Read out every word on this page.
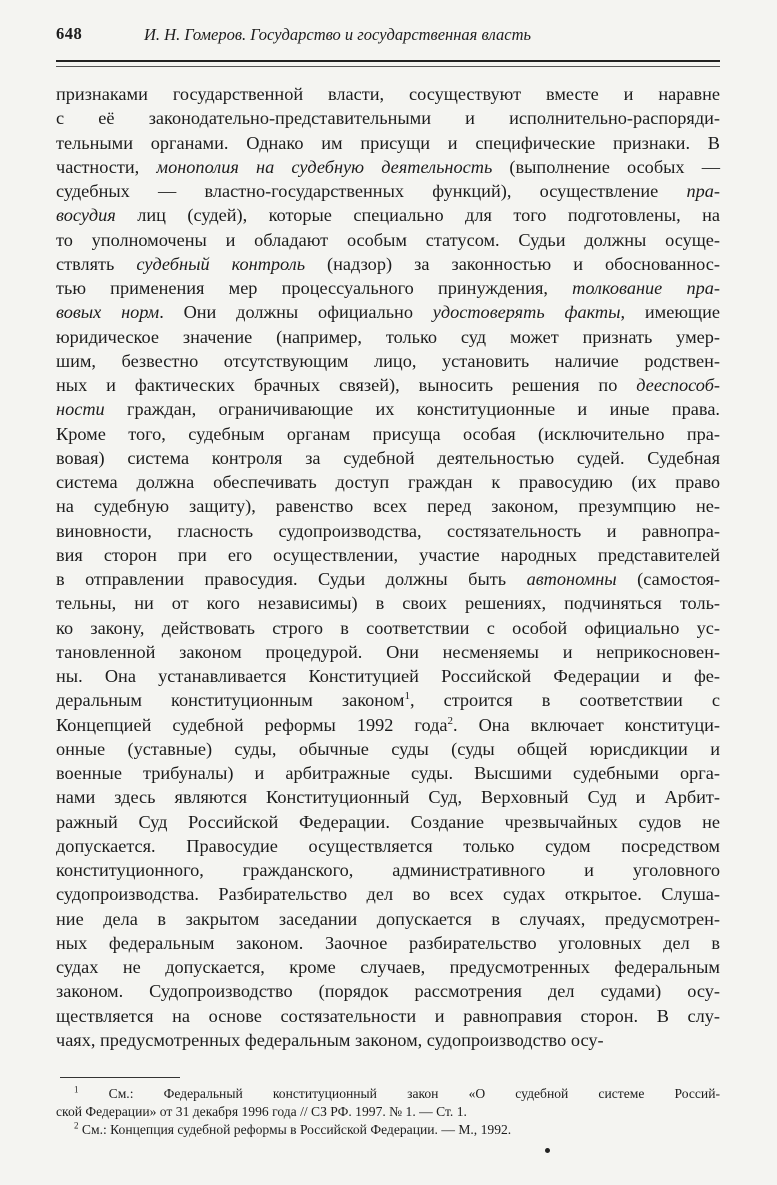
648	И. Н. Гомеров. Государство и государственная власть
признаками государственной власти, сосуществуют вместе и наравне
с её законодательно-представительными и исполнительно-распоряди-
тельными органами. Однако им присущи и специфические признаки. В
частности, монополия на судебную деятельность (выполнение особых —
судебных — властно-государственных функций), осуществление пра-
восудия лиц (судей), которые специально для того подготовлены, на
то уполномочены и обладают особым статусом. Судьи должны осуще-
ствлять судебный контроль (надзор) за законностью и обоснованнос-
тью применения мер процессуального принуждения, толкование пра-
вовых норм. Они должны официально удостоверять факты, имеющие
юридическое значение (например, только суд может признать умер-
шим, безвестно отсутствующим лицо, установить наличие родствен-
ных и фактических брачных связей), выносить решения по дееспособ-
ности граждан, ограничивающие их конституционные и иные права.
Кроме того, судебным органам присуща особая (исключительно пра-
вовая) система контроля за судебной деятельностью судей. Судебная
система должна обеспечивать доступ граждан к правосудию (их право
на судебную защиту), равенство всех перед законом, презумпцию не-
виновности, гласность судопроизводства, состязательность и равнопра-
вия сторон при его осуществлении, участие народных представителей
в отправлении правосудия. Судьи должны быть автономны (самостоя-
тельны, ни от кого независимы) в своих решениях, подчиняться толь-
ко закону, действовать строго в соответствии с особой официально ус-
тановленной законом процедурой. Они несменяемы и неприкосновен-
ны. Она устанавливается Конституцией Российской Федерации и фе-
деральным конституционным законом$^1$, строится в соответствии с
Концепцией судебной реформы 1992 года$^2$. Она включает конституци-
онные (уставные) суды, обычные суды (суды общей юрисдикции и
военные трибуналы) и арбитражные суды. Высшими судебными орга-
нами здесь являются Конституционный Суд, Верховный Суд и Арбит-
ражный Суд Российской Федерации. Создание чрезвычайных судов не
допускается. Правосудие осуществляется только судом посредством
конституционного, гражданского, административного и уголовного
судопроизводства. Разбирательство дел во всех судах открытое. Слуша-
ние дела в закрытом заседании допускается в случаях, предусмотрен-
ных федеральным законом. Заочное разбирательство уголовных дел в
судах не допускается, кроме случаев, предусмотренных федеральным
законом. Судопроизводство (порядок рассмотрения дел судами) осу-
ществляется на основе состязательности и равноправия сторон. В слу-
чаях, предусмотренных федеральным законом, судопроизводство осу-
$^1$ См.: Федеральный конституционный закон «О судебной системе Россий-
ской Федерации» от 31 декабря 1996 года // СЗ РФ. 1997. № 1. — Ст. 1.
$^2$ См.: Концепция судебной реформы в Российской Федерации. — М., 1992.
